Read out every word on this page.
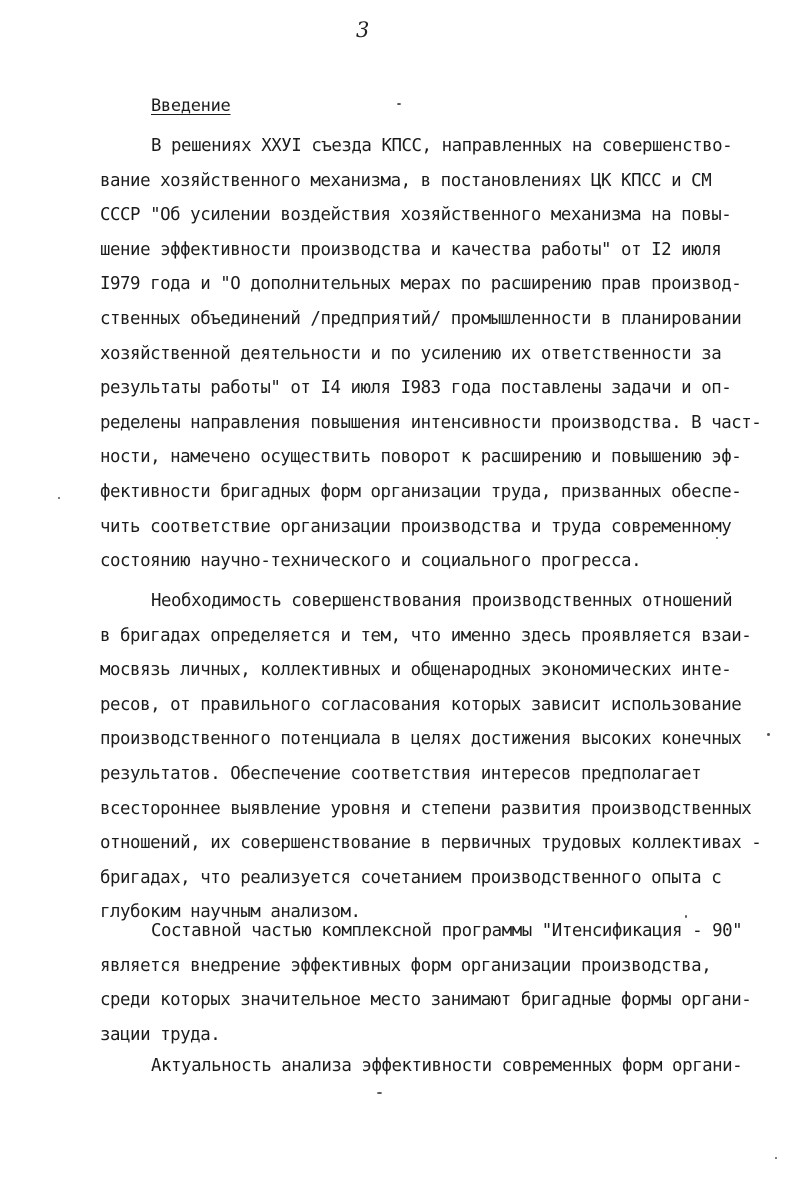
3
Введение
В решениях ХХУI съезда КПСС, направленных на совершенство-
вание хозяйственного механизма, в постановлениях ЦК КПСС и СМ
СССР "Об усилении воздействия хозяйственного механизма на повы-
шение эффективности производства и качества работы" от I2 июля
I979 года и "О дополнительных мерах по расширению прав производ-
ственных объединений /предприятий/ промышленности в планировании
хозяйственной деятельности и по усилению их ответственности за
результаты работы" от I4 июля I983 года поставлены задачи и оп-
ределены направления повышения интенсивности производства. В част-
ности, намечено осуществить поворот к расширению и повышению эф-
фективности бригадных форм организации труда, призванных обеспе-
чить соответствие организации производства и труда современному
состоянию научно-технического и социального прогресса.
Необходимость совершенствования производственных отношений
в бригадах определяется и тем, что именно здесь проявляется взаи-
мосвязь личных, коллективных и общенародных экономических инте-
ресов, от правильного согласования которых зависит использование
производственного потенциала в целях достижения высоких конечных
результатов. Обеспечение соответствия интересов предполагает
всестороннее выявление уровня и степени развития производственных
отношений, их совершенствование в первичных трудовых коллективах -
бригадах, что реализуется сочетанием производственного опыта с
глубоким научным анализом.
Составной частью комплексной программы "Итенсификация - 90"
является внедрение эффективных форм организации производства,
среди которых значительное место занимают бригадные формы органи-
зации труда.
Актуальность анализа эффективности современных форм органи-
